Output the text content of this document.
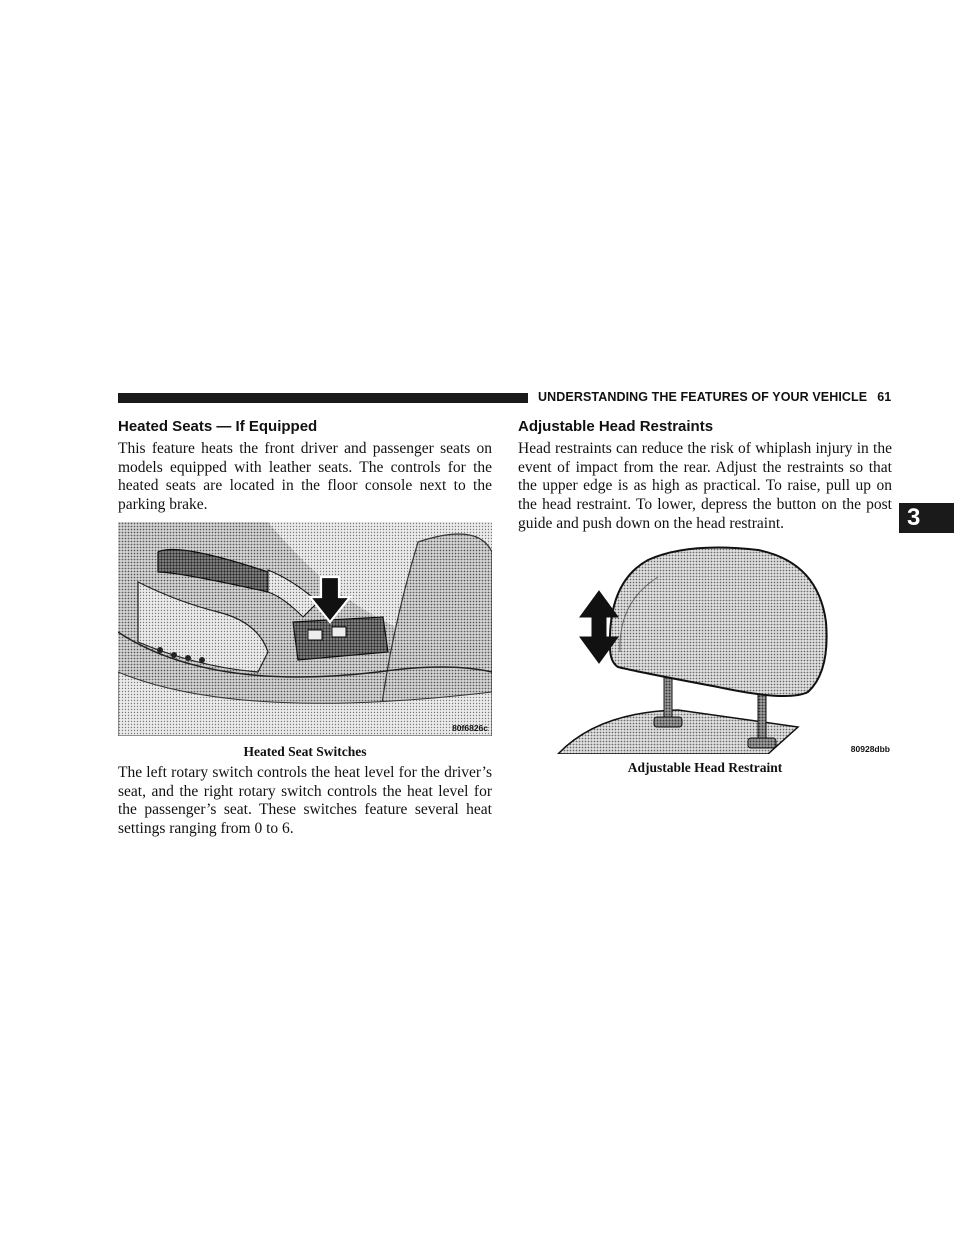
UNDERSTANDING THE FEATURES OF YOUR VEHICLE 61
3
Heated Seats — If Equipped

This feature heats the front driver and passenger seats on models equipped with leather seats. The controls for the heated seats are located in the floor console next to the parking brake.

80f6826c
Heated Seat Switches

The left rotary switch controls the heat level for the driver’s seat, and the right rotary switch controls the heat level for the passenger’s seat. These switches feature several heat settings ranging from 0 to 6.

Adjustable Head Restraints

Head restraints can reduce the risk of whiplash injury in the event of impact from the rear. Adjust the restraints so that the upper edge is as high as practical. To raise, pull up on the head restraint. To lower, depress the button on the post guide and push down on the head restraint.

80928dbb
Adjustable Head Restraint
